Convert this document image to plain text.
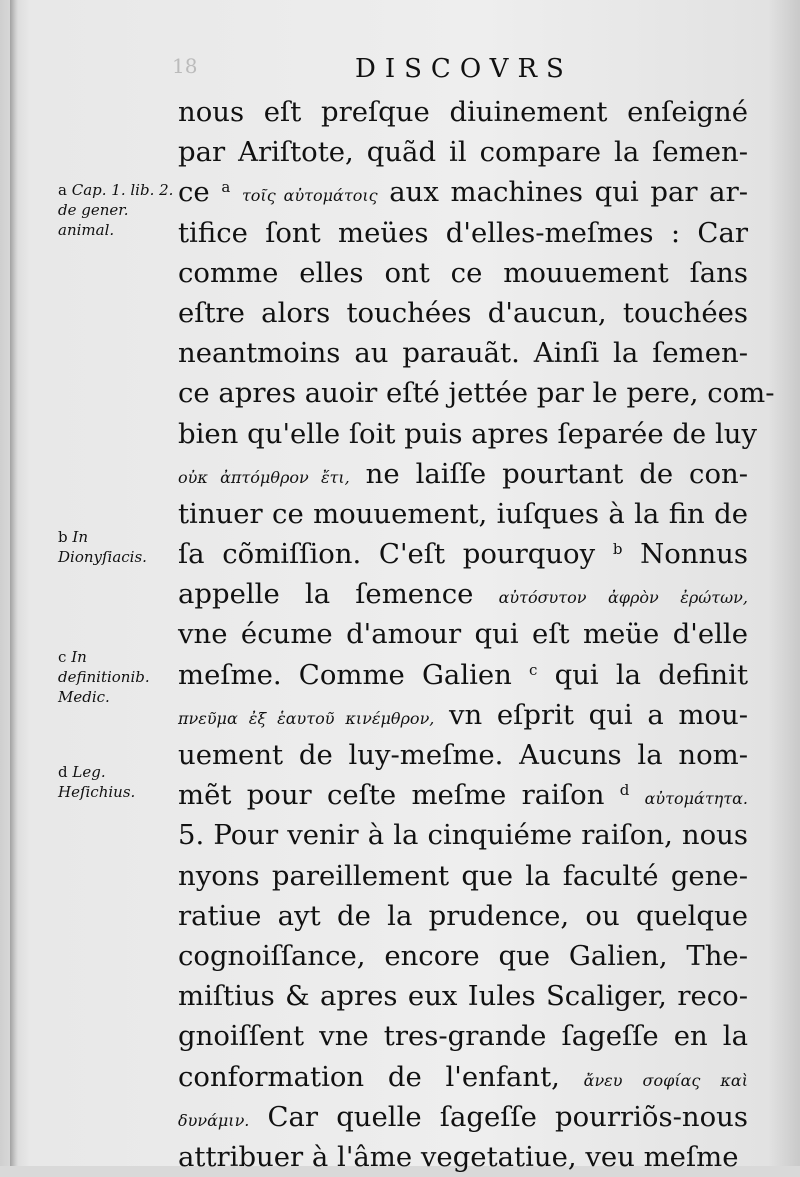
18	DISCOVRS
nous eſt preſque diuinement enſeigné
par Ariſtote, quãd il compare la ſemen-
ce $^a$ τοῖς αὐτομάτοις aux machines qui par ar-
tifice ſont meües d'elles-meſmes : Car
comme elles ont ce mouuement ſans
eſtre alors touchées d'aucun, touchées
neantmoins au parauãt. Ainſi la ſemen-
ce apres auoir eſté jettée par le pere, com-
bien qu'elle ſoit puis apres ſeparée de luy
οὐκ ἀπτόμθρον ἔτι, ne laiſſe pourtant de con-
tinuer ce mouuement, iuſques à la fin de
ſa cõmiſſion. C'eſt pourquoy $^b$ Nonnus
appelle la ſemence αὐτόσυτον ἀφρὸν ἐρώτων,
vne écume d'amour qui eſt meüe d'elle
meſme. Comme Galien $^c$ qui la definit
πνεῦμα ἐξ ἑαυτοῦ κινέμθρον, vn eſprit qui a mou-
uement de luy-meſme. Aucuns la nom-
mẽt pour ceſte meſme raiſon $^d$ αὐτομάτητα.
5. Pour venir à la cinquiéme raiſon, nous
nyons pareillement que la faculté gene-
ratiue ayt de la prudence, ou quelque
cognoiſſance, encore que Galien, The-
miſtius & apres eux Iules Scaliger, reco-
gnoiſſent vne tres-grande ſageſſe en la
conformation de l'enfant, ἄνευ σοφίας καὶ
δυνάμιν. Car quelle ſageſſe pourriõs-nous
attribuer à l'âme vegetatiue, veu meſme
a Cap. 1. lib. 2. de gener. animal.
b In Dionyſiacis.
c In definitionib. Medic.
d Leg. Heſichius.
